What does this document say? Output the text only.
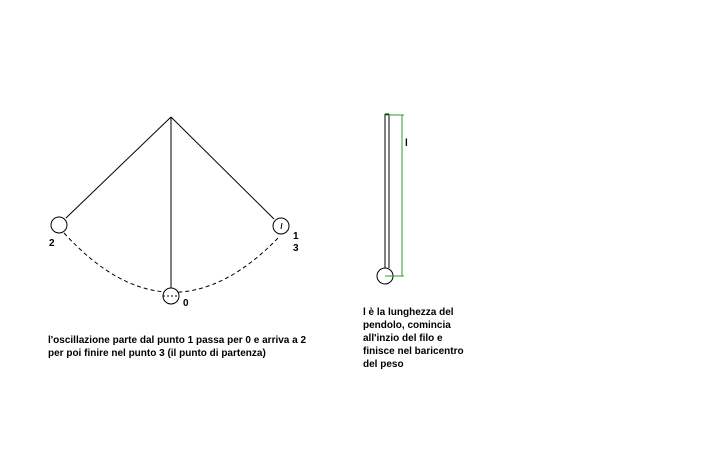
2
0
1
3
l
l'oscillazione parte dal punto 1 passa per 0 e arriva a 2
per poi finire nel punto 3 (il punto di partenza)
l è la lunghezza del
pendolo, comincia
all'inzio del filo e
finisce nel baricentro
del peso
